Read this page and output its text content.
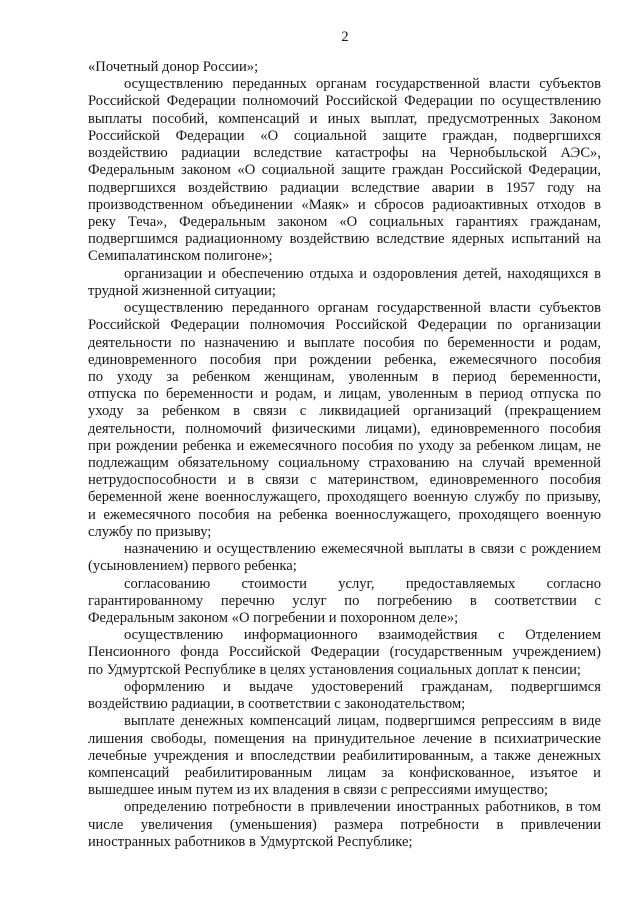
2
«Почетный донор России»;
осуществлению переданных органам государственной власти субъектов
Российской Федерации полномочий Российской Федерации по осуществлению
выплаты пособий, компенсаций и иных выплат, предусмотренных Законом
Российской Федерации «О социальной защите граждан, подвергшихся
воздействию радиации вследствие катастрофы на Чернобыльской АЭС»,
Федеральным законом «О социальной защите граждан Российской Федерации,
подвергшихся воздействию радиации вследствие аварии в 1957 году на
производственном объединении «Маяк» и сбросов радиоактивных отходов в
реку Теча», Федеральным законом «О социальных гарантиях гражданам,
подвергшимся радиационному воздействию вследствие ядерных испытаний на
Семипалатинском полигоне»;
организации и обеспечению отдыха и оздоровления детей, находящихся в
трудной жизненной ситуации;
осуществлению переданного органам государственной власти субъектов
Российской Федерации полномочия Российской Федерации по организации
деятельности по назначению и выплате пособия по беременности и родам,
единовременного пособия при рождении ребенка, ежемесячного пособия
по уходу за ребенком женщинам, уволенным в период беременности,
отпуска по беременности и родам, и лицам, уволенным в период отпуска по
уходу за ребенком в связи с ликвидацией организаций (прекращением
деятельности, полномочий физическими лицами), единовременного пособия
при рождении ребенка и ежемесячного пособия по уходу за ребенком лицам, не
подлежащим обязательному социальному страхованию на случай временной
нетрудоспособности и в связи с материнством, единовременного пособия
беременной жене военнослужащего, проходящего военную службу по призыву,
и ежемесячного пособия на ребенка военнослужащего, проходящего военную
службу по призыву;
назначению и осуществлению ежемесячной выплаты в связи с рождением
(усыновлением) первого ребенка;
согласованию стоимости услуг, предоставляемых согласно
гарантированному перечню услуг по погребению в соответствии с
Федеральным законом «О погребении и похоронном деле»;
осуществлению информационного взаимодействия с Отделением
Пенсионного фонда Российской Федерации (государственным учреждением)
по Удмуртской Республике в целях установления социальных доплат к пенсии;
оформлению и выдаче удостоверений гражданам, подвергшимся
воздействию радиации, в соответствии с законодательством;
выплате денежных компенсаций лицам, подвергшимся репрессиям в виде
лишения свободы, помещения на принудительное лечение в психиатрические
лечебные учреждения и впоследствии реабилитированным, а также денежных
компенсаций реабилитированным лицам за конфискованное, изъятое и
вышедшее иным путем из их владения в связи с репрессиями имущество;
определению потребности в привлечении иностранных работников, в том
числе увеличения (уменьшения) размера потребности в привлечении
иностранных работников в Удмуртской Республике;
